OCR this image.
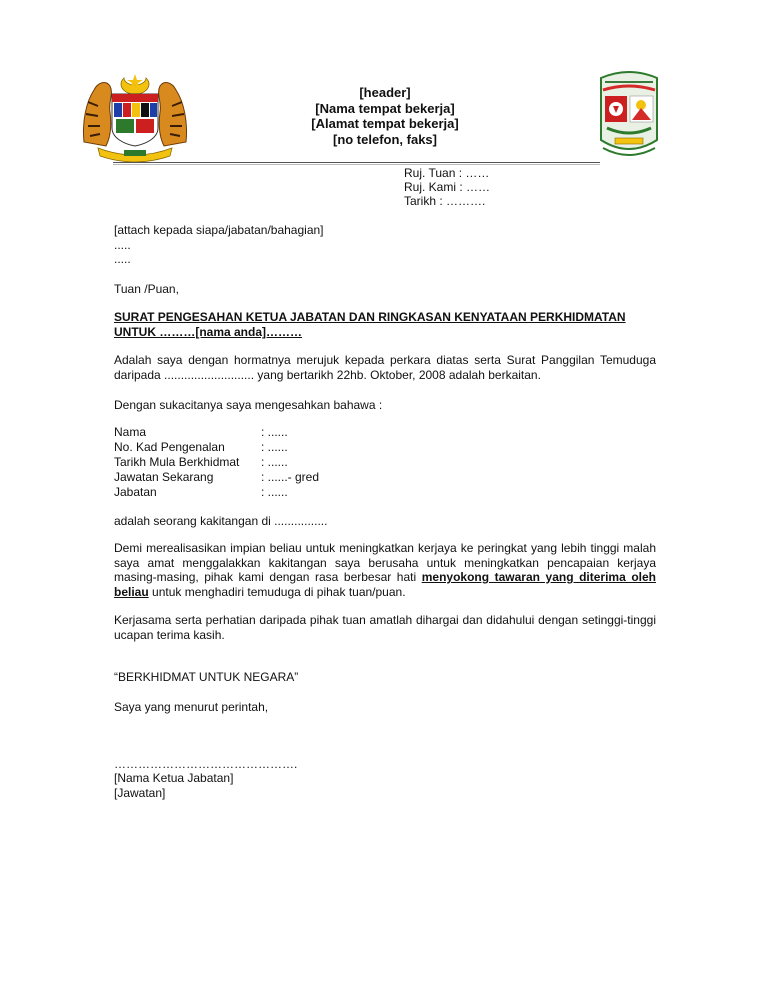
[header]
[Nama tempat bekerja]
[Alamat tempat bekerja]
[no telefon, faks]
Ruj. Tuan : ……
Ruj. Kami : ……
Tarikh : ……….
[attach kepada siapa/jabatan/bahagian]
.....
.....
Tuan /Puan,
SURAT PENGESAHAN KETUA JABATAN DAN RINGKASAN KENYATAAN PERKHIDMATAN
UNTUK ………[nama anda]………
Adalah saya dengan hormatnya merujuk kepada perkara diatas serta Surat Panggilan Temuduga daripada ........................... yang bertarikh 22hb. Oktober, 2008 adalah berkaitan.
Dengan sukacitanya saya mengesahkan bahawa :
Nama	: ......
No. Kad Pengenalan	: ......
Tarikh Mula Berkhidmat	: ......
Jawatan Sekarang	: ......- gred
Jabatan	: ......
adalah seorang kakitangan di ................
Demi merealisasikan impian beliau untuk meningkatkan kerjaya ke peringkat yang lebih tinggi malah saya amat menggalakkan kakitangan saya berusaha untuk meningkatkan pencapaian kerjaya masing-masing, pihak kami dengan rasa berbesar hati menyokong tawaran yang diterima oleh beliau untuk menghadiri temuduga di pihak tuan/puan.
Kerjasama serta perhatian daripada pihak tuan amatlah dihargai dan didahului dengan setinggi-tinggi ucapan terima kasih.
“BERKHIDMAT UNTUK NEGARA”
Saya yang menurut perintah,
……………………………………….
[Nama Ketua Jabatan]
[Jawatan]
